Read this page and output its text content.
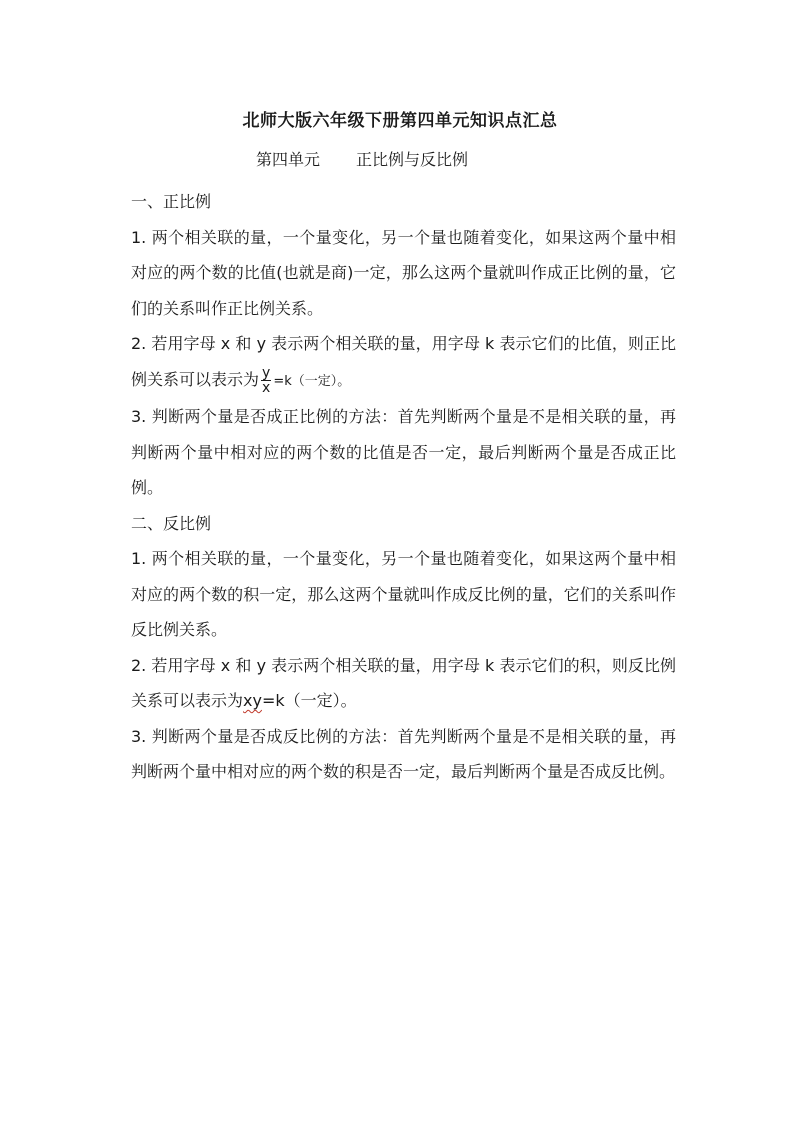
北师大版六年级下册第四单元知识点汇总
第四单元 正比例与反比例

一、正比例

1. 两个相关联的量，一个量变化，另一个量也随着变化，如果这两个量中相对应的两个数的比值(也就是商)一定，那么这两个量就叫作成正比例的量，它们的关系叫作正比例关系。

2. 若用字母 x 和 y 表示两个相关联的量，用字母 k 表示它们的比值，则正比例关系可以表示为 $\frac{y}{x} =k$（一定）。

3. 判断两个量是否成正比例的方法：首先判断两个量是不是相关联的量，再判断两个量中相对应的两个数的比值是否一定，最后判断两个量是否成正比例。

二、反比例

1. 两个相关联的量，一个量变化，另一个量也随着变化，如果这两个量中相对应的两个数的积一定，那么这两个量就叫作成反比例的量，它们的关系叫作反比例关系。

2. 若用字母 x 和 y 表示两个相关联的量，用字母 k 表示它们的积，则反比例关系可以表示为xy=k（一定）。

3. 判断两个量是否成反比例的方法：首先判断两个量是不是相关联的量，再判断两个量中相对应的两个数的积是否一定，最后判断两个量是否成反比例。
